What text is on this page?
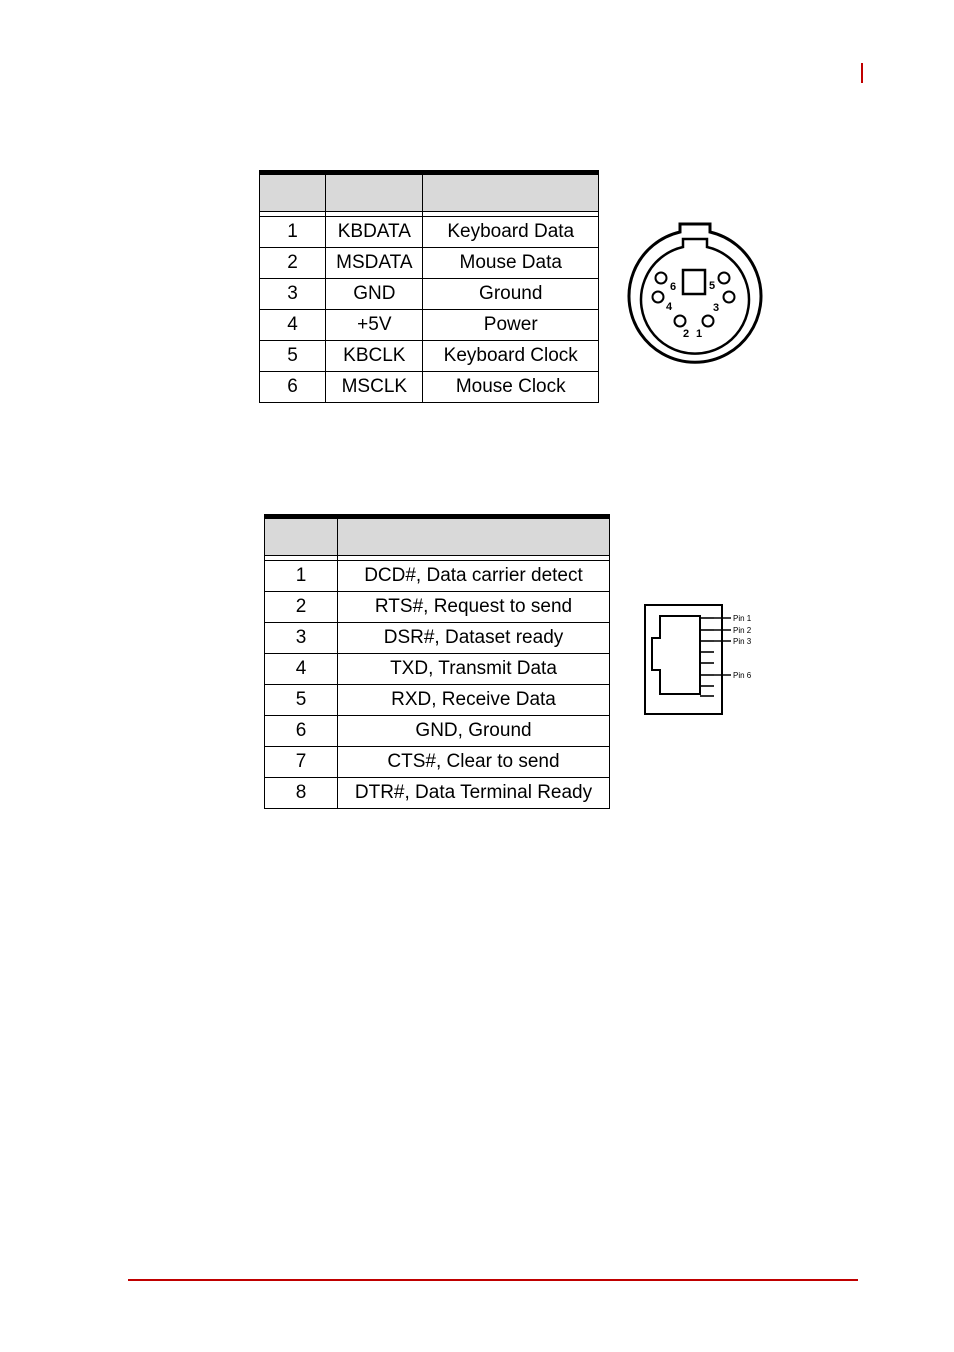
1	KBDATA	Keyboard Data
2	MSDATA	Mouse Data
3	GND	Ground
4	+5V	Power
5	KBCLK	Keyboard Clock
6	MSCLK	Mouse Clock
6	5
4	3
2 1

1	DCD#, Data carrier detect
2	RTS#, Request to send
3	DSR#, Dataset ready
4	TXD, Transmit Data
5	RXD, Receive Data
6	GND, Ground
7	CTS#, Clear to send
8	DTR#, Data Terminal Ready
Pin 1
Pin 2
Pin 3
Pin 6
